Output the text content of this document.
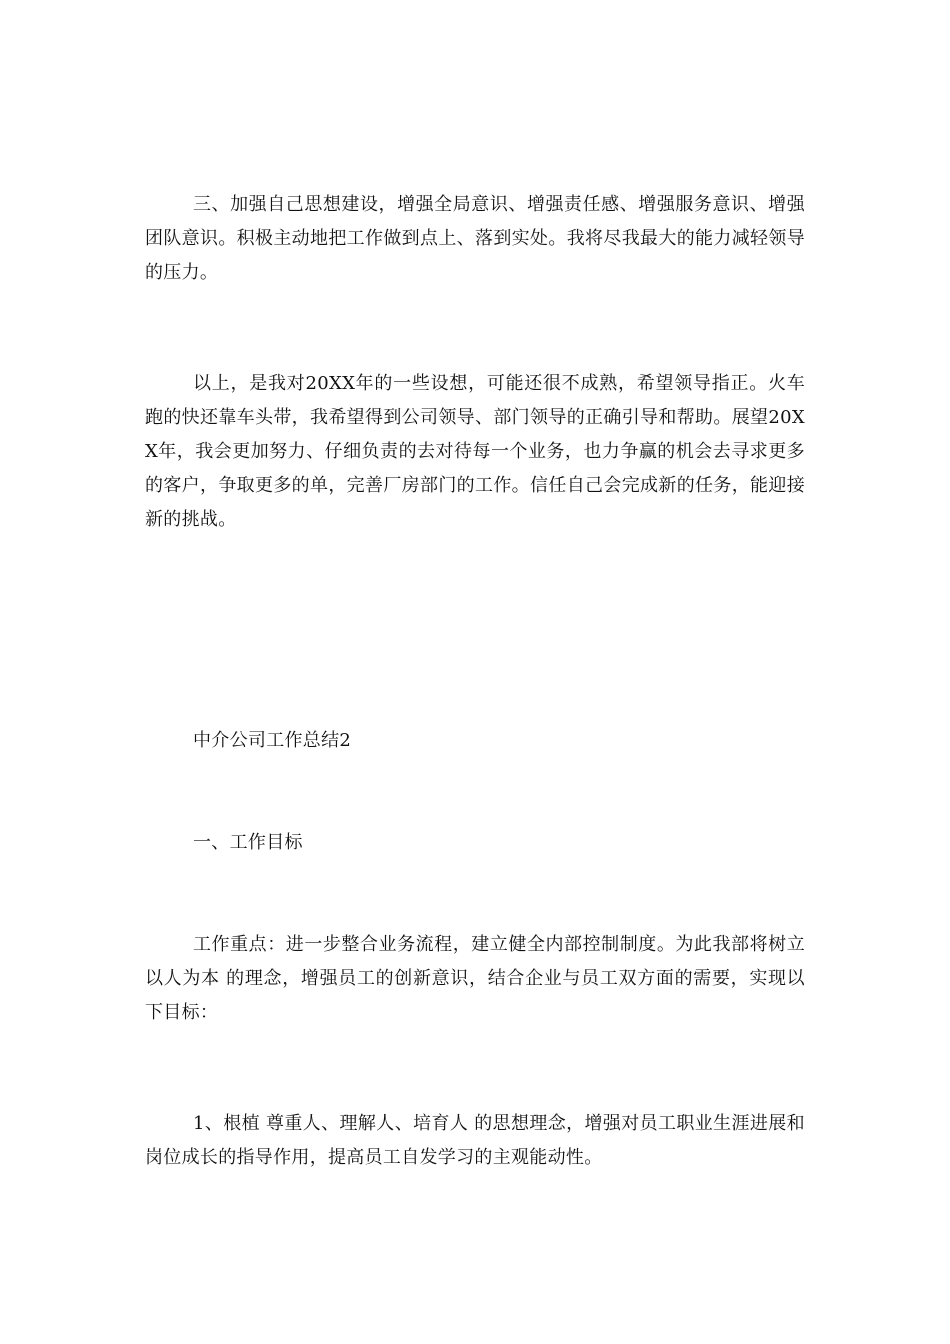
三、加强自己思想建设，增强全局意识、增强责任感、增强服务意识、增强团队意识。积极主动地把工作做到点上、落到实处。我将尽我最大的能力减轻领导的压力。

以上，是我对20XX年的一些设想，可能还很不成熟，希望领导指正。火车跑的快还靠车头带，我希望得到公司领导、部门领导的正确引导和帮助。展望20XX年，我会更加努力、仔细负责的去对待每一个业务，也力争赢的机会去寻求更多的客户，争取更多的单，完善厂房部门的工作。信任自己会完成新的任务，能迎接新的挑战。

中介公司工作总结2
一、工作目标

工作重点：进一步整合业务流程，建立健全内部控制制度。为此我部将树立 以人为本 的理念，增强员工的创新意识，结合企业与员工双方面的需要，实现以下目标：

1、根植 尊重人、理解人、培育人 的思想理念，增强对员工职业生涯进展和岗位成长的指导作用，提高员工自发学习的主观能动性。
